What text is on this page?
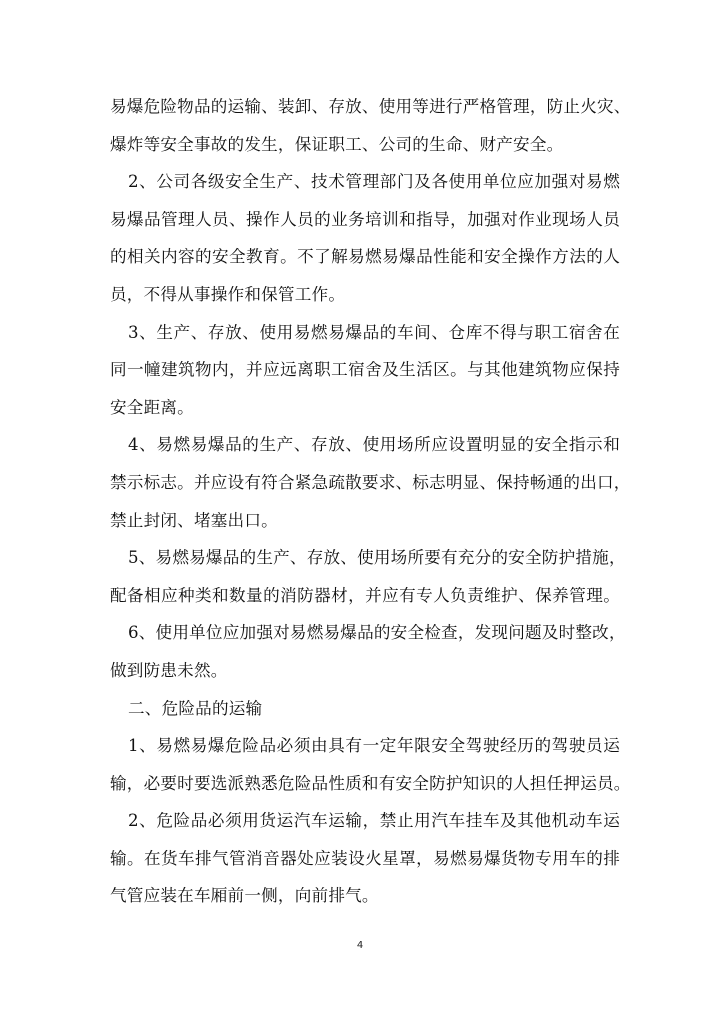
易爆危险物品的运输、装卸、存放、使用等进行严格管理，防止火灾、
爆炸等安全事故的发生，保证职工、公司的生命、财产安全。
2、公司各级安全生产、技术管理部门及各使用单位应加强对易燃
易爆品管理人员、操作人员的业务培训和指导，加强对作业现场人员
的相关内容的安全教育。不了解易燃易爆品性能和安全操作方法的人
员，不得从事操作和保管工作。
3、生产、存放、使用易燃易爆品的车间、仓库不得与职工宿舍在
同一幢建筑物内，并应远离职工宿舍及生活区。与其他建筑物应保持
安全距离。
4、易燃易爆品的生产、存放、使用场所应设置明显的安全指示和
禁示标志。并应设有符合紧急疏散要求、标志明显、保持畅通的出口，
禁止封闭、堵塞出口。
5、易燃易爆品的生产、存放、使用场所要有充分的安全防护措施，
配备相应种类和数量的消防器材，并应有专人负责维护、保养管理。
6、使用单位应加强对易燃易爆品的安全检查，发现问题及时整改，
做到防患未然。
二、危险品的运输
1、易燃易爆危险品必须由具有一定年限安全驾驶经历的驾驶员运
输，必要时要选派熟悉危险品性质和有安全防护知识的人担任押运员。
2、危险品必须用货运汽车运输，禁止用汽车挂车及其他机动车运
输。在货车排气管消音器处应装设火星罩，易燃易爆货物专用车的排
气管应装在车厢前一侧，向前排气。
4
